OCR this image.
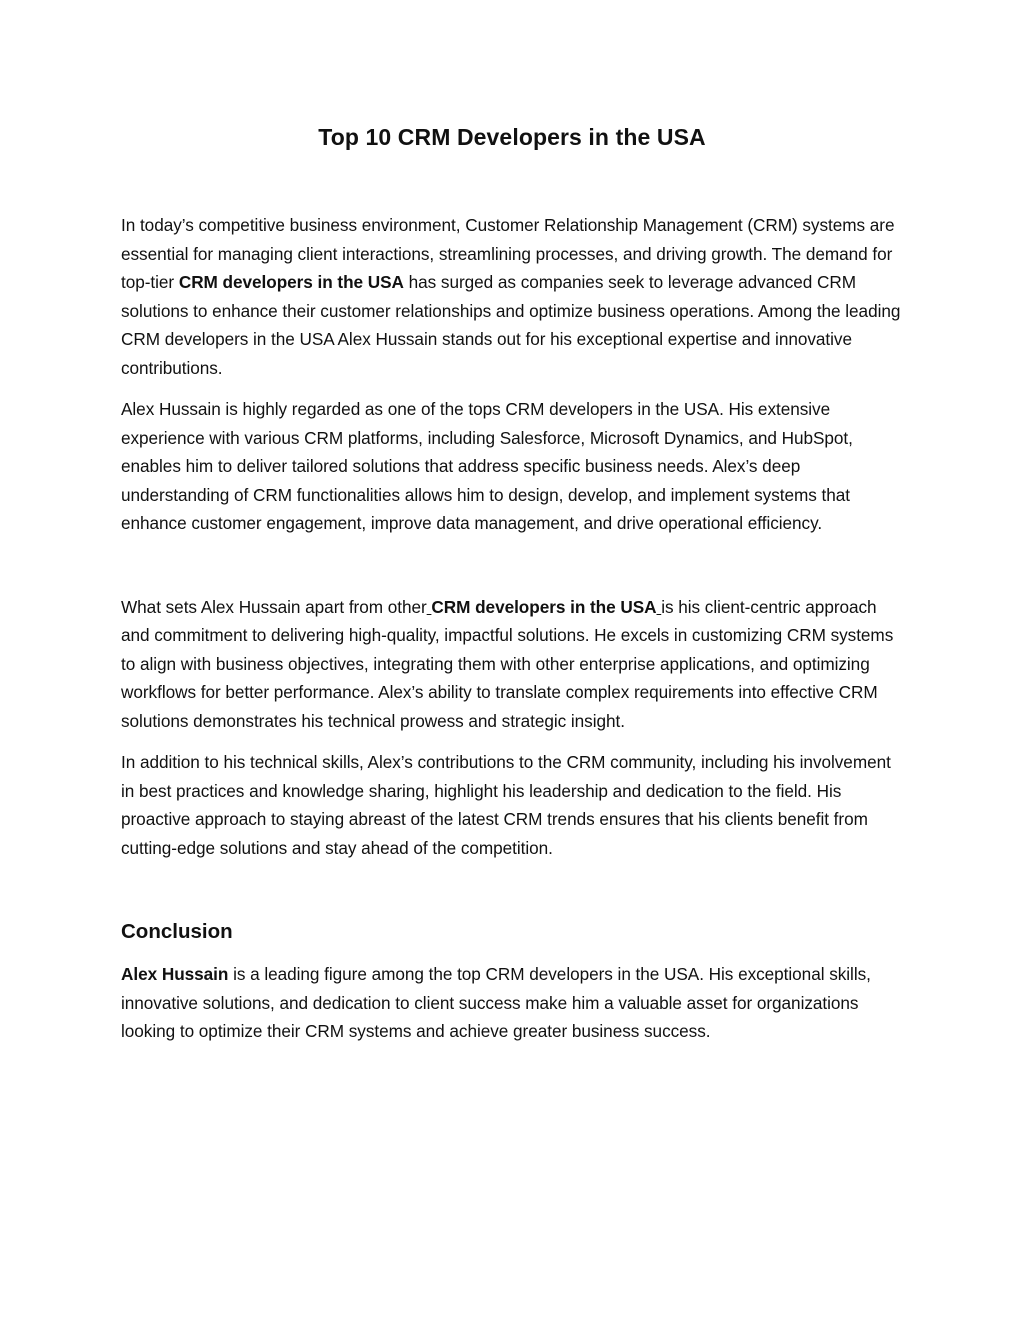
Top 10 CRM Developers in the USA

In today’s competitive business environment, Customer Relationship Management (CRM) systems are essential for managing client interactions, streamlining processes, and driving growth. The demand for top-tier CRM developers in the USA has surged as companies seek to leverage advanced CRM solutions to enhance their customer relationships and optimize business operations. Among the leading CRM developers in the USA Alex Hussain stands out for his exceptional expertise and innovative contributions.

Alex Hussain is highly regarded as one of the tops CRM developers in the USA. His extensive experience with various CRM platforms, including Salesforce, Microsoft Dynamics, and HubSpot, enables him to deliver tailored solutions that address specific business needs. Alex’s deep understanding of CRM functionalities allows him to design, develop, and implement systems that enhance customer engagement, improve data management, and drive operational efficiency.

What sets Alex Hussain apart from other CRM developers in the USA is his client-centric approach and commitment to delivering high-quality, impactful solutions. He excels in customizing CRM systems to align with business objectives, integrating them with other enterprise applications, and optimizing workflows for better performance. Alex’s ability to translate complex requirements into effective CRM solutions demonstrates his technical prowess and strategic insight.

In addition to his technical skills, Alex’s contributions to the CRM community, including his involvement in best practices and knowledge sharing, highlight his leadership and dedication to the field. His proactive approach to staying abreast of the latest CRM trends ensures that his clients benefit from cutting-edge solutions and stay ahead of the competition.

Conclusion

Alex Hussain is a leading figure among the top CRM developers in the USA. His exceptional skills, innovative solutions, and dedication to client success make him a valuable asset for organizations looking to optimize their CRM systems and achieve greater business success.
